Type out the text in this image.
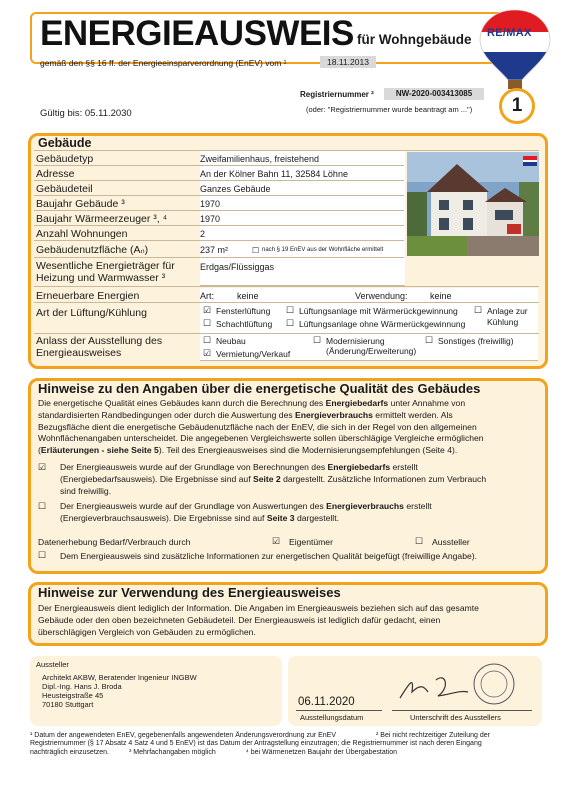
ENERGIEAUSWEIS für Wohngebäude
gemäß den §§ 16 ff. der Energieeinsparverordnung (EnEV) vom ¹	18.11.2013
RE/MAX
Registriernummer ²	NW-2020-003413085
(oder: "Registriernummer wurde beantragt am ...")
Gültig bis: 05.11.2030	1
Gebäude
Gebäudetyp	Zweifamilienhaus, freistehend
Adresse	An der Kölner Bahn 11, 32584 Löhne
Gebäudeteil	Ganzes Gebäude
Baujahr Gebäude ³	1970
Baujahr Wärmeerzeuger ³, ⁴	1970
Anzahl Wohnungen	2
Gebäudenutzfläche (Aₙ)	237 m²	☐ nach § 19 EnEV aus der Wohnfläche ermittelt
Wesentliche Energieträger für
Heizung und Warmwasser ³
Erdgas/Flüssiggas
Erneuerbare Energien	Art:	keine	Verwendung: keine
Art der Lüftung/Kühlung	☑ Fensterlüftung ☐ Lüftungsanlage mit Wärmerückgewinnung ☐ Anlage zur
Kühlung
☐ Schachtlüftung ☐ Lüftungsanlage ohne Wärmerückgewinnung
Anlass der Ausstellung des
Energieausweises
☐ Neubau	☐ Modernisierung
(Änderung/Erweiterung)
☐ Sonstiges (freiwillig)
☑ Vermietung/Verkauf
Hinweise zu den Angaben über die energetische Qualität des Gebäudes
Die energetische Qualität eines Gebäudes kann durch die Berechnung des Energiebedarfs unter Annahme von
standardisierten Randbedingungen oder durch die Auswertung des Energieverbrauchs ermittelt werden. Als
Bezugsfläche dient die energetische Gebäudenutzfläche nach der EnEV, die sich in der Regel von den allgemeinen
Wohnflächenangaben unterscheidet. Die angegebenen Vergleichswerte sollen überschlägige Vergleiche ermöglichen
(Erläuterungen - siehe Seite 5). Teil des Energieausweises sind die Modernisierungsempfehlungen (Seite 4).
☑ Der Energieausweis wurde auf der Grundlage von Berechnungen des Energiebedarfs erstellt
(Energiebedarfsausweis). Die Ergebnisse sind auf Seite 2 dargestellt. Zusätzliche Informationen zum Verbrauch
sind freiwillig.
☐ Der Energieausweis wurde auf der Grundlage von Auswertungen des Energieverbrauchs erstellt
(Energieverbrauchsausweis). Die Ergebnisse sind auf Seite 3 dargestellt.
Datenerhebung Bedarf/Verbrauch durch	☑ Eigentümer	☐ Aussteller
☐ Dem Energieausweis sind zusätzliche Informationen zur energetischen Qualität beigefügt (freiwillige Angabe).
Hinweise zur Verwendung des Energieausweises
Der Energieausweis dient lediglich der Information. Die Angaben im Energieausweis beziehen sich auf das gesamte
Gebäude oder den oben bezeichneten Gebäudeteil. Der Energieausweis ist lediglich dafür gedacht, einen
überschlägigen Vergleich von Gebäuden zu ermöglichen.
Aussteller
Architekt AKBW, Beratender Ingenieur INGBW
Dipl.-Ing. Hans J. Broda
Heusteigstraße 45
70180 Stuttgart	06.11.2020
Ausstellungsdatum	Unterschrift des Ausstellers
¹ Datum der angewendeten EnEV, gegebenenfalls angewendeten Änderungsverordnung zur EnEV	² Bei nicht rechtzeitiger Zuteilung der
Registriernummer (§ 17 Absatz 4 Satz 4 und 5 EnEV) ist das Datum der Antragstellung einzutragen; die Registriernummer ist nach deren Eingang
nachträglich einzusetzen.	³ Mehrfachangaben möglich	⁴ bei Wärmenetzen Baujahr der Übergabestation
